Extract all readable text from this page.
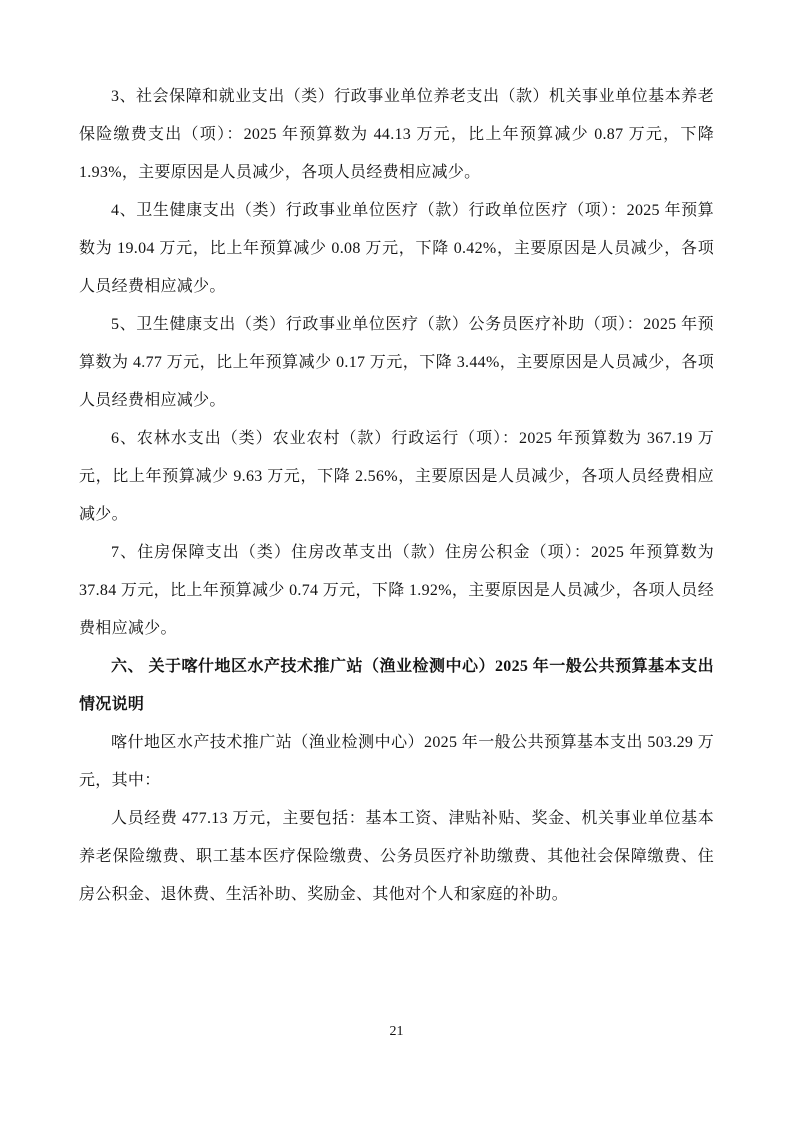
3、社会保障和就业支出（类）行政事业单位养老支出（款）机关事业单位基本养老保险缴费支出（项）：2025 年预算数为 44.13 万元，比上年预算减少 0.87 万元，下降 1.93%，主要原因是人员减少，各项人员经费相应减少。

4、卫生健康支出（类）行政事业单位医疗（款）行政单位医疗（项）：2025 年预算数为 19.04 万元，比上年预算减少 0.08 万元，下降 0.42%，主要原因是人员减少，各项人员经费相应减少。

5、卫生健康支出（类）行政事业单位医疗（款）公务员医疗补助（项）：2025 年预算数为 4.77 万元，比上年预算减少 0.17 万元，下降 3.44%，主要原因是人员减少，各项人员经费相应减少。

6、农林水支出（类）农业农村（款）行政运行（项）：2025 年预算数为 367.19 万元，比上年预算减少 9.63 万元，下降 2.56%，主要原因是人员减少，各项人员经费相应减少。

7、住房保障支出（类）住房改革支出（款）住房公积金（项）：2025 年预算数为 37.84 万元，比上年预算减少 0.74 万元，下降 1.92%，主要原因是人员减少，各项人员经费相应减少。

六、 关于喀什地区水产技术推广站（渔业检测中心）2025 年一般公共预算基本支出情况说明

喀什地区水产技术推广站（渔业检测中心）2025 年一般公共预算基本支出 503.29 万元，其中：

人员经费 477.13 万元，主要包括：基本工资、津贴补贴、奖金、机关事业单位基本养老保险缴费、职工基本医疗保险缴费、公务员医疗补助缴费、其他社会保障缴费、住房公积金、退休费、生活补助、奖励金、其他对个人和家庭的补助。

21
